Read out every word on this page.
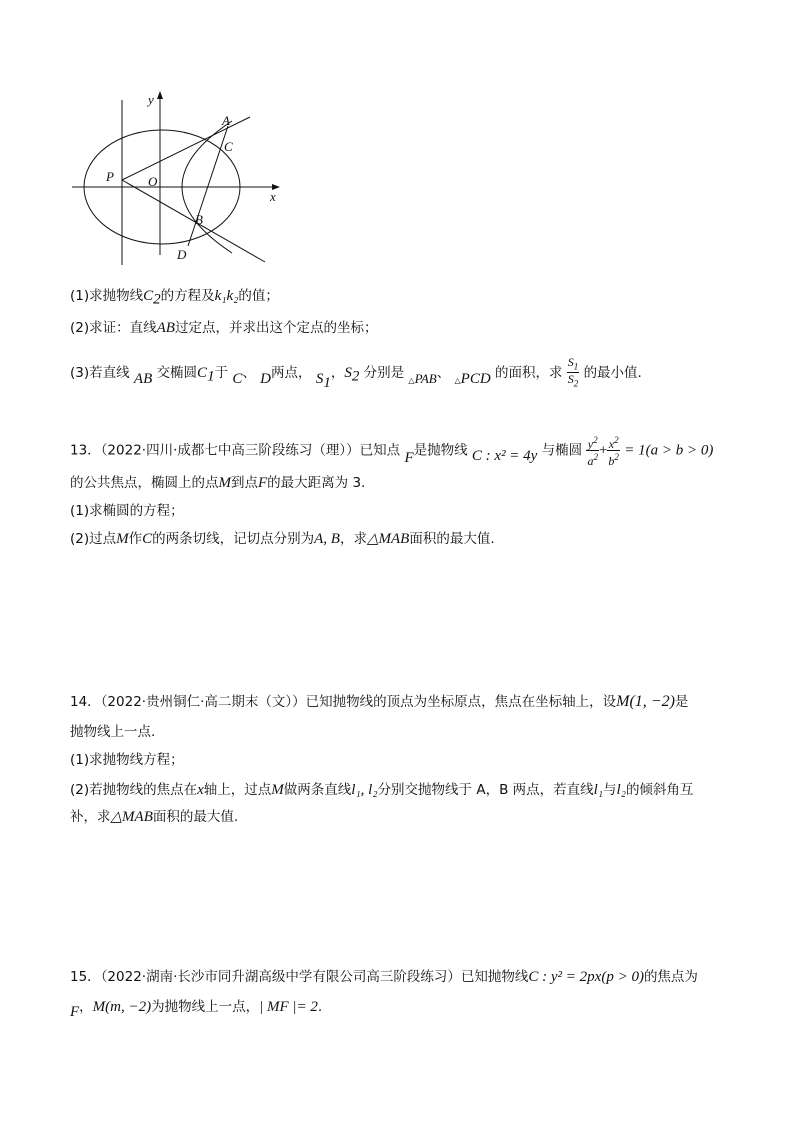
y
x
A
C
P	O
B
D
(1)求抛物线$C_2$的方程及k₁k₂的值；
(2)求证：直线AB过定点，并求出这个定点的坐标；
(3)若直线 AB 交椭圆$C_1$于 C、 D两点， $S_1$，$S_2$ 分别是 $_\triangle$PAB、 $_\triangle$PCD 的面积，求 $\frac{S_1}{S_2}$ 的最小值.
13．（2022·四川·成都七中高三阶段练习（理））已知点 F是抛物线 C : x² = 4y 与椭圆 $\frac{y^2}{a^2} + \frac{x^2}{b^2} = 1(a > b > 0)$
的公共焦点，椭圆上的点M到点F的最大距离为 3.
(1)求椭圆的方程；
(2)过点M作C的两条切线，记切点分别为A, B，求△MAB面积的最大值.
14．（2022·贵州铜仁·高二期末（文））已知抛物线的顶点为坐标原点，焦点在坐标轴上，设M(1, −2)是
抛物线上一点.
(1)求抛物线方程；
(2)若抛物线的焦点在x轴上，过点M做两条直线l₁, l₂分别交抛物线于 A，B 两点，若直线l₁与l₂的倾斜角互
补，求△MAB面积的最大值.
15．（2022·湖南·长沙市同升湖高级中学有限公司高三阶段练习）已知抛物线C : y² = 2px(p > 0)的焦点为
F，M(m, −2)为抛物线上一点，| MF |= 2.
